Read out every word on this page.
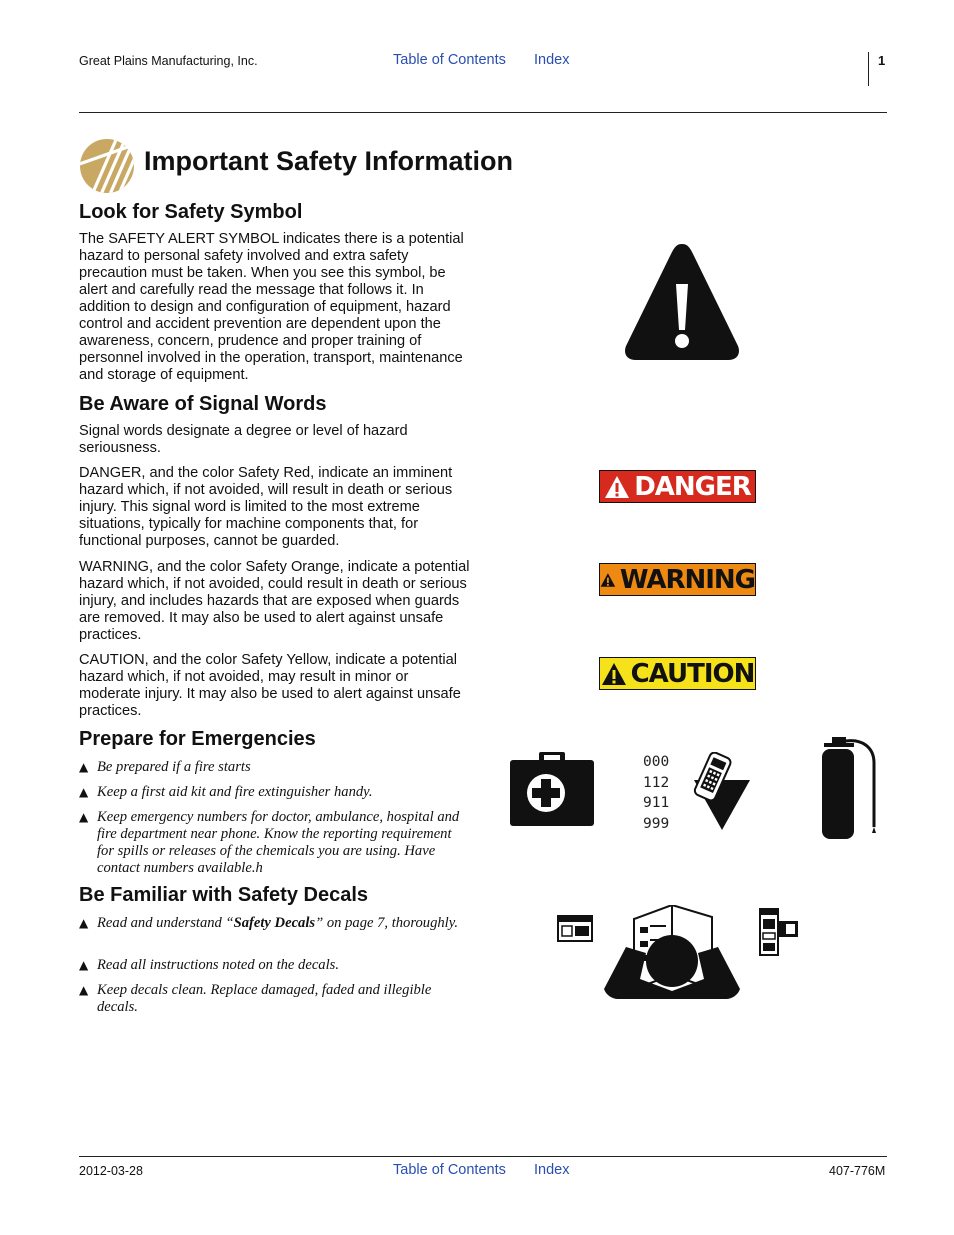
Great Plains Manufacturing, Inc.	Table of Contents Index	1
Important Safety Information
Look for Safety Symbol

The SAFETY ALERT SYMBOL indicates there is a potential hazard to personal safety involved and extra safety precaution must be taken. When you see this symbol, be alert and carefully read the message that follows it. In addition to design and configuration of equipment, hazard control and accident prevention are dependent upon the awareness, concern, prudence and proper training of personnel involved in the operation, transport, maintenance and storage of equipment.

Be Aware of Signal Words

Signal words designate a degree or level of hazard seriousness.

DANGER, and the color Safety Red, indicate an imminent hazard which, if not avoided, will result in death or serious injury. This signal word is limited to the most extreme situations, typically for machine components that, for functional purposes, cannot be guarded.

WARNING, and the color Safety Orange, indicate a potential hazard which, if not avoided, could result in death or serious injury, and includes hazards that are exposed when guards are removed. It may also be used to alert against unsafe practices.

CAUTION, and the color Safety Yellow, indicate a potential hazard which, if not avoided, may result in minor or moderate injury. It may also be used to alert against unsafe practices.

DANGER
WARNING
CAUTION
Prepare for Emergencies
▲ Be prepared if a fire starts
▲ Keep a first aid kit and fire extinguisher handy.
▲ Keep emergency numbers for doctor, ambulance, hospital and fire department near phone. Know the reporting requirement for spills or releases of the chemicals you are using. Have contact numbers available.h
000
112
911
999
Be Familiar with Safety Decals
▲ Read and understand “Safety Decals” on page 7, thoroughly.
▲ Read all instructions noted on the decals.
▲ Keep decals clean. Replace damaged, faded and illegible decals.
2012-03-28	Table of Contents Index	407-776M
